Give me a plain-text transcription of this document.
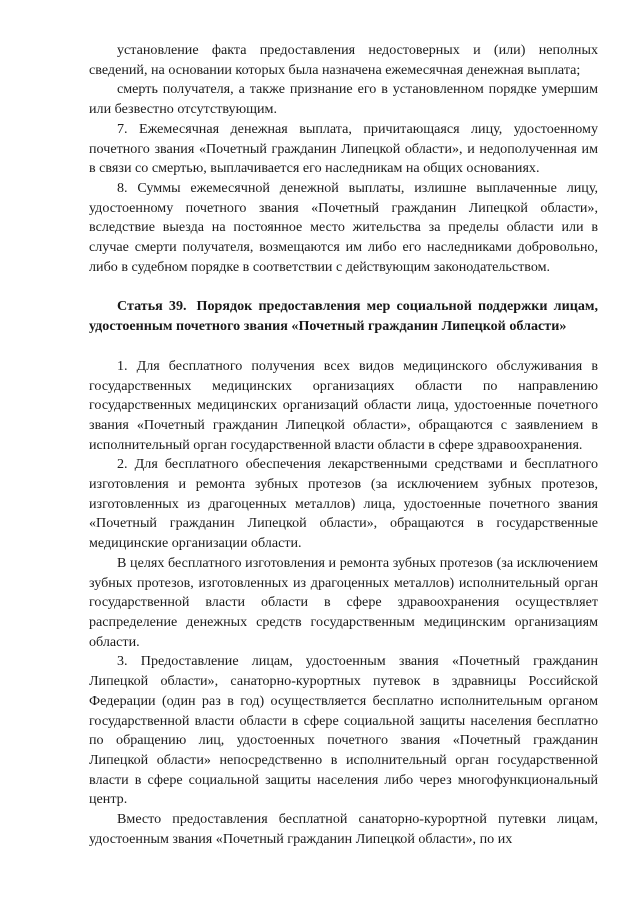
установление факта предоставления недостоверных и (или) неполных сведений, на основании которых была назначена ежемесячная денежная выплата;

смерть получателя, а также признание его в установленном порядке умершим или безвестно отсутствующим.

7. Ежемесячная денежная выплата, причитающаяся лицу, удостоенному почетного звания «Почетный гражданин Липецкой области», и недополученная им в связи со смертью, выплачивается его наследникам на общих основаниях.

8. Суммы ежемесячной денежной выплаты, излишне выплаченные лицу, удостоенному почетного звания «Почетный гражданин Липецкой области», вследствие выезда на постоянное место жительства за пределы области или в случае смерти получателя, возмещаются им либо его наследниками добровольно, либо в судебном порядке в соответствии с действующим законодательством.

Статья 39. Порядок предоставления мер социальной поддержки лицам, удостоенным почетного звания «Почетный гражданин Липецкой области»

1. Для бесплатного получения всех видов медицинского обслуживания в государственных медицинских организациях области по направлению государственных медицинских организаций области лица, удостоенные почетного звания «Почетный гражданин Липецкой области», обращаются с заявлением в исполнительный орган государственной власти области в сфере здравоохранения.

2. Для бесплатного обеспечения лекарственными средствами и бесплатного изготовления и ремонта зубных протезов (за исключением зубных протезов, изготовленных из драгоценных металлов) лица, удостоенные почетного звания «Почетный гражданин Липецкой области», обращаются в государственные медицинские организации области.

В целях бесплатного изготовления и ремонта зубных протезов (за исключением зубных протезов, изготовленных из драгоценных металлов) исполнительный орган государственной власти области в сфере здравоохранения осуществляет распределение денежных средств государственным медицинским организациям области.

3. Предоставление лицам, удостоенным звания «Почетный гражданин Липецкой области», санаторно-курортных путевок в здравницы Российской Федерации (один раз в год) осуществляется бесплатно исполнительным органом государственной власти области в сфере социальной защиты населения бесплатно по обращению лиц, удостоенных почетного звания «Почетный гражданин Липецкой области» непосредственно в исполнительный орган государственной власти в сфере социальной защиты населения либо через многофункциональный центр.

Вместо предоставления бесплатной санаторно-курортной путевки лицам, удостоенным звания «Почетный гражданин Липецкой области», по их
